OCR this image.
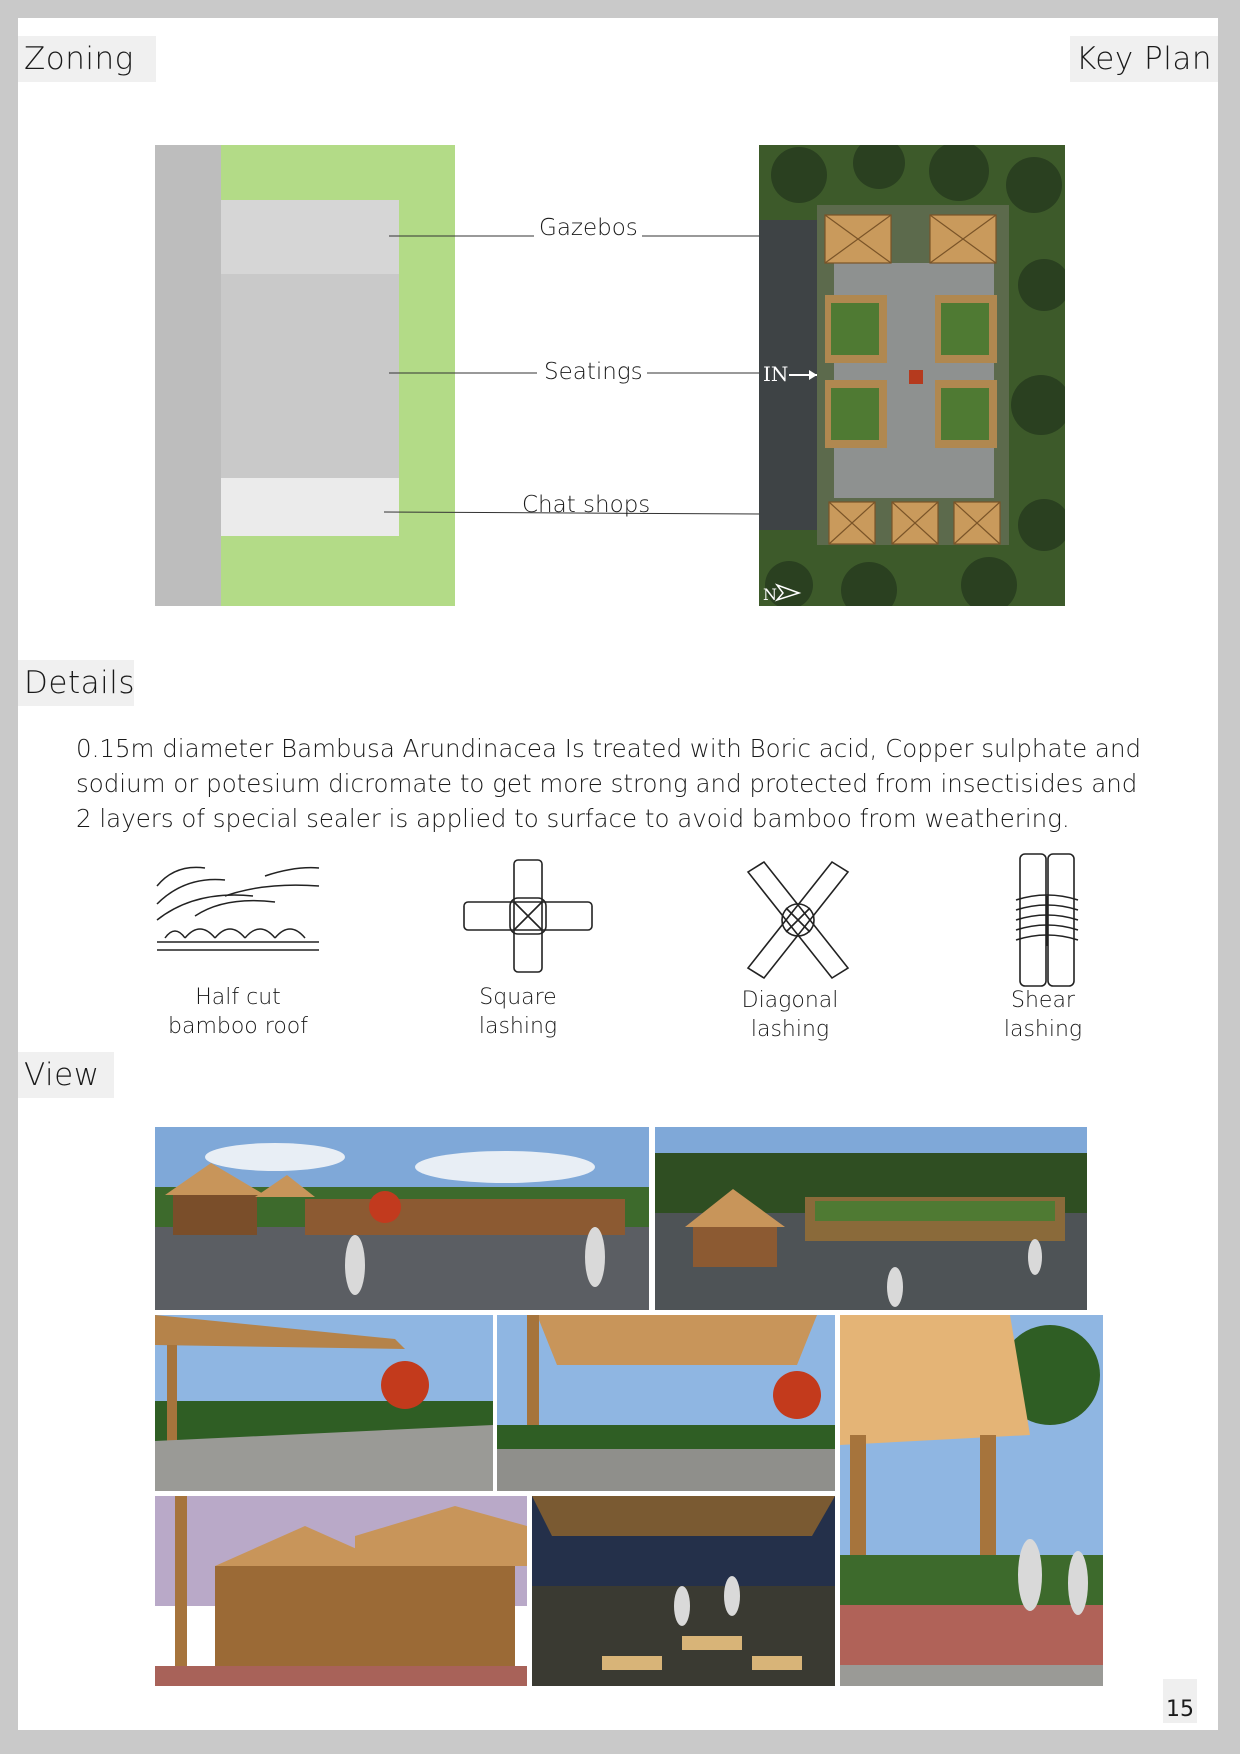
Zoning	Key Plan
Gazebos
Seatings
Chat shops
IN
N
Details
0.15m diameter Bambusa Arundinacea Is treated with Boric acid, Copper sulphate and sodium or potesium dicromate to get more strong and protected from insectisides and 2 layers of special sealer is applied to surface to avoid bamboo from weathering.
Half cut
bamboo roof
Square
lashing
Diagonal
lashing
Shear
lashing
View
15
